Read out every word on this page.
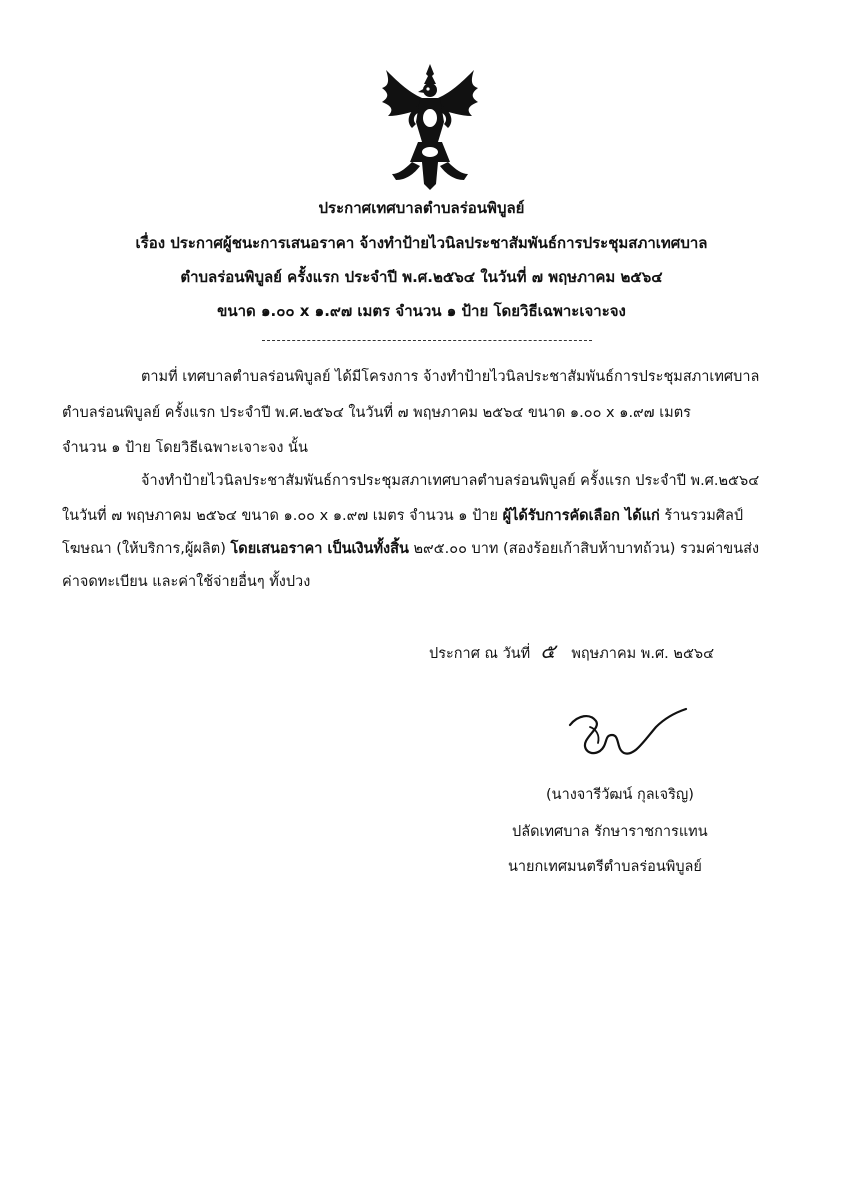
ประกาศเทศบาลตำบลร่อนพิบูลย์
เรื่อง ประกาศผู้ชนะการเสนอราคา จ้างทำป้ายไวนิลประชาสัมพันธ์การประชุมสภาเทศบาล
ตำบลร่อนพิบูลย์ ครั้งแรก ประจำปี พ.ศ.๒๕๖๔ ในวันที่ ๗ พฤษภาคม ๒๕๖๔
ขนาด ๑.๐๐ x ๑.๙๗ เมตร จำนวน ๑ ป้าย โดยวิธีเฉพาะเจาะจง
ตามที่ เทศบาลตำบลร่อนพิบูลย์ ได้มีโครงการ จ้างทำป้ายไวนิลประชาสัมพันธ์การประชุมสภาเทศบาล
ตำบลร่อนพิบูลย์ ครั้งแรก ประจำปี พ.ศ.๒๕๖๔ ในวันที่ ๗ พฤษภาคม ๒๕๖๔ ขนาด ๑.๐๐ x ๑.๙๗ เมตร
จำนวน ๑ ป้าย โดยวิธีเฉพาะเจาะจง นั้น
จ้างทำป้ายไวนิลประชาสัมพันธ์การประชุมสภาเทศบาลตำบลร่อนพิบูลย์ ครั้งแรก ประจำปี พ.ศ.๒๕๖๔
ในวันที่ ๗ พฤษภาคม ๒๕๖๔ ขนาด ๑.๐๐ x ๑.๙๗ เมตร จำนวน ๑ ป้าย ผู้ได้รับการคัดเลือก ได้แก่ ร้านรวมศิลป์
โฆษณา (ให้บริการ,ผู้ผลิต) โดยเสนอราคา เป็นเงินทั้งสิ้น ๒๙๕.๐๐ บาท (สองร้อยเก้าสิบห้าบาทถ้วน) รวมค่าขนส่ง
ค่าจดทะเบียน และค่าใช้จ่ายอื่นๆ ทั้งปวง
ประกาศ ณ วันที่ ๕ พฤษภาคม พ.ศ. ๒๕๖๔
(นางจารีวัฒน์ กุลเจริญ)
ปลัดเทศบาล รักษาราชการแทน
นายกเทศมนตรีตำบลร่อนพิบูลย์
